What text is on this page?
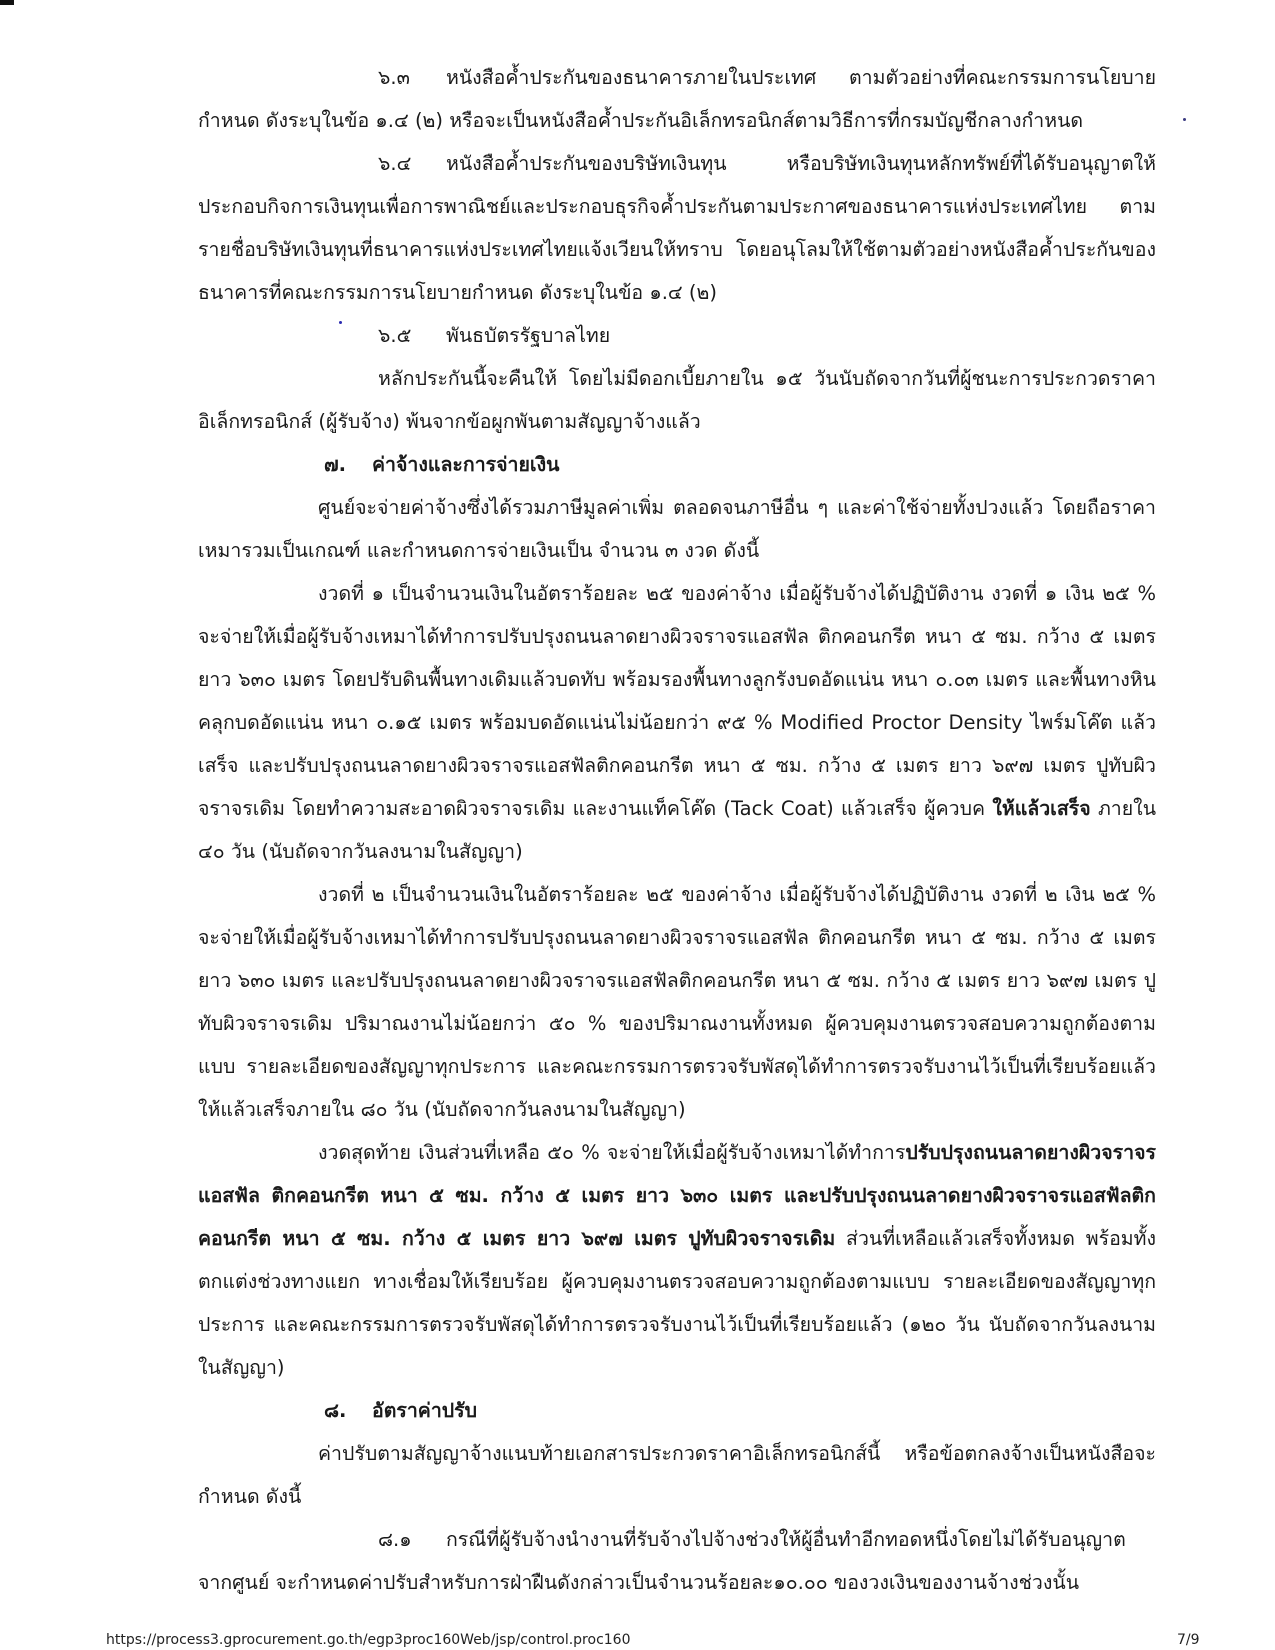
๖.๓ หนังสือค้ำประกันของธนาคารภายในประเทศ ตามตัวอย่างที่คณะกรรมการนโยบายกำหนด ดังระบุในข้อ ๑.๔ (๒) หรือจะเป็นหนังสือค้ำประกันอิเล็กทรอนิกส์ตามวิธีการที่กรมบัญชีกลางกำหนด

๖.๔ หนังสือค้ำประกันของบริษัทเงินทุน หรือบริษัทเงินทุนหลักทรัพย์ที่ได้รับอนุญาตให้ประกอบกิจการเงินทุนเพื่อการพาณิชย์และประกอบธุรกิจค้ำประกันตามประกาศของธนาคารแห่งประเทศไทย ตามรายชื่อบริษัทเงินทุนที่ธนาคารแห่งประเทศไทยแจ้งเวียนให้ทราบ โดยอนุโลมให้ใช้ตามตัวอย่างหนังสือค้ำประกันของธนาคารที่คณะกรรมการนโยบายกำหนด ดังระบุในข้อ ๑.๔ (๒)

๖.๕ พันธบัตรรัฐบาลไทย

หลักประกันนี้จะคืนให้ โดยไม่มีดอกเบี้ยภายใน ๑๕ วันนับถัดจากวันที่ผู้ชนะการประกวดราคาอิเล็กทรอนิกส์ (ผู้รับจ้าง) พ้นจากข้อผูกพันตามสัญญาจ้างแล้ว

๗. ค่าจ้างและการจ่ายเงิน

ศูนย์จะจ่ายค่าจ้างซึ่งได้รวมภาษีมูลค่าเพิ่ม ตลอดจนภาษีอื่น ๆ และค่าใช้จ่ายทั้งปวงแล้ว โดยถือราคาเหมารวมเป็นเกณฑ์ และกำหนดการจ่ายเงินเป็น จำนวน ๓ งวด ดังนี้

งวดที่ ๑ เป็นจำนวนเงินในอัตราร้อยละ ๒๕ ของค่าจ้าง เมื่อผู้รับจ้างได้ปฏิบัติงาน งวดที่ ๑ เงิน ๒๕ % จะจ่ายให้เมื่อผู้รับจ้างเหมาได้ทำการปรับปรุงถนนลาดยางผิวจราจรแอสฟัล ติกคอนกรีต หนา ๕ ซม. กว้าง ๕ เมตร ยาว ๖๓๐ เมตร โดยปรับดินพื้นทางเดิมแล้วบดทับ พร้อมรองพื้นทางลูกรังบดอัดแน่น หนา ๐.๐๓ เมตร และพื้นทางหินคลุกบดอัดแน่น หนา ๐.๑๕ เมตร พร้อมบดอัดแน่นไม่น้อยกว่า ๙๕ % Modified Proctor Density ไพร์มโค๊ต แล้วเสร็จ และปรับปรุงถนนลาดยางผิวจราจรแอสฟัลติกคอนกรีต หนา ๕ ซม. กว้าง ๕ เมตร ยาว ๖๙๗ เมตร ปูทับผิวจราจรเดิม โดยทำความสะอาดผิวจราจรเดิม และงานแท็คโค๊ด (Tack Coat) แล้วเสร็จ ผู้ควบค ให้แล้วเสร็จ ภายใน ๔๐ วัน (นับถัดจากวันลงนามในสัญญา)

งวดที่ ๒ เป็นจำนวนเงินในอัตราร้อยละ ๒๕ ของค่าจ้าง เมื่อผู้รับจ้างได้ปฏิบัติงาน งวดที่ ๒ เงิน ๒๕ % จะจ่ายให้เมื่อผู้รับจ้างเหมาได้ทำการปรับปรุงถนนลาดยางผิวจราจรแอสฟัล ติกคอนกรีต หนา ๕ ซม. กว้าง ๕ เมตร ยาว ๖๓๐ เมตร และปรับปรุงถนนลาดยางผิวจราจรแอสฟัลติกคอนกรีต หนา ๕ ซม. กว้าง ๕ เมตร ยาว ๖๙๗ เมตร ปูทับผิวจราจรเดิม ปริมาณงานไม่น้อยกว่า ๕๐ % ของปริมาณงานทั้งหมด ผู้ควบคุมงานตรวจสอบความถูกต้องตามแบบ รายละเอียดของสัญญาทุกประการ และคณะกรรมการตรวจรับพัสดุได้ทำการตรวจรับงานไว้เป็นที่เรียบร้อยแล้ว ให้แล้วเสร็จภายใน ๘๐ วัน (นับถัดจากวันลงนามในสัญญา)

งวดสุดท้าย เงินส่วนที่เหลือ ๕๐ % จะจ่ายให้เมื่อผู้รับจ้างเหมาได้ทำการปรับปรุงถนนลาดยางผิวจราจรแอสฟัล ติกคอนกรีต หนา ๕ ซม. กว้าง ๕ เมตร ยาว ๖๓๐ เมตร และปรับปรุงถนนลาดยางผิวจราจรแอสฟัลติกคอนกรีต หนา ๕ ซม. กว้าง ๕ เมตร ยาว ๖๙๗ เมตร ปูทับผิวจราจรเดิม ส่วนที่เหลือแล้วเสร็จทั้งหมด พร้อมทั้งตกแต่งช่วงทางแยก ทางเชื่อมให้เรียบร้อย ผู้ควบคุมงานตรวจสอบความถูกต้องตามแบบ รายละเอียดของสัญญาทุกประการ และคณะกรรมการตรวจรับพัสดุได้ทำการตรวจรับงานไว้เป็นที่เรียบร้อยแล้ว (๑๒๐ วัน นับถัดจากวันลงนามในสัญญา)

๘. อัตราค่าปรับ

ค่าปรับตามสัญญาจ้างแนบท้ายเอกสารประกวดราคาอิเล็กทรอนิกส์นี้ หรือข้อตกลงจ้างเป็นหนังสือจะกำหนด ดังนี้

๘.๑ กรณีที่ผู้รับจ้างนำงานที่รับจ้างไปจ้างช่วงให้ผู้อื่นทำอีกทอดหนึ่งโดยไม่ได้รับอนุญาตจากศูนย์ จะกำหนดค่าปรับสำหรับการฝ่าฝืนดังกล่าวเป็นจำนวนร้อยละ๑๐.๐๐ ของวงเงินของงานจ้างช่วงนั้น

https://process3.gprocurement.go.th/egp3proc160Web/jsp/control.proc160	7/9
